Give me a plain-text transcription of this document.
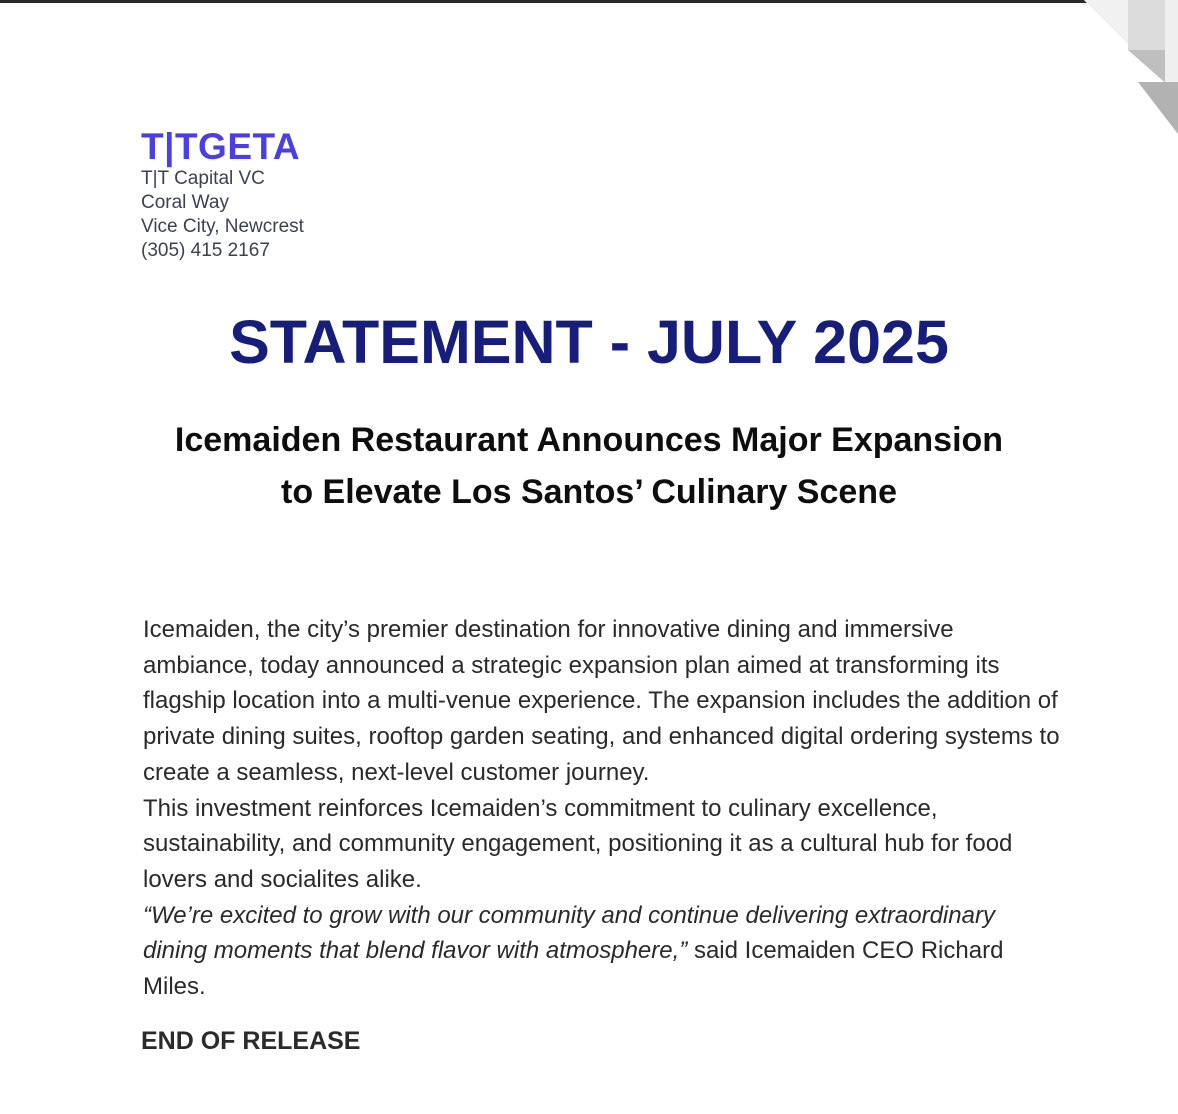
T|TGETA
T|T Capital VC
Coral Way
Vice City, Newcrest
(305) 415 2167
STATEMENT - JULY 2025
Icemaiden Restaurant Announces Major Expansion
to Elevate Los Santos’ Culinary Scene

Icemaiden, the city’s premier destination for innovative dining and immersive ambiance, today announced a strategic expansion plan aimed at transforming its flagship location into a multi-venue experience. The expansion includes the addition of private dining suites, rooftop garden seating, and enhanced digital ordering systems to create a seamless, next-level customer journey.

This investment reinforces Icemaiden’s commitment to culinary excellence, sustainability, and community engagement, positioning it as a cultural hub for food lovers and socialites alike.

“We’re excited to grow with our community and continue delivering extraordinary dining moments that blend flavor with atmosphere,” said Icemaiden CEO Richard Miles.

END OF RELEASE
